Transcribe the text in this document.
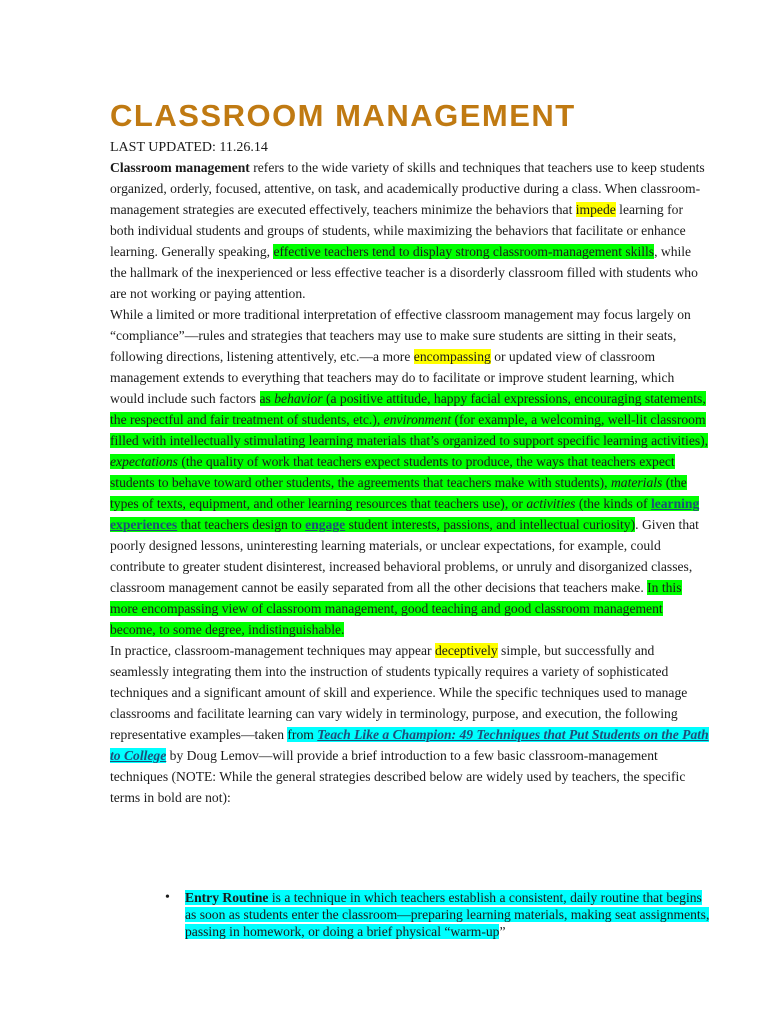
CLASSROOM MANAGEMENT
LAST UPDATED: 11.26.14

Classroom management refers to the wide variety of skills and techniques that teachers use to keep students organized, orderly, focused, attentive, on task, and academically productive during a class. When classroom-management strategies are executed effectively, teachers minimize the behaviors that impede learning for both individual students and groups of students, while maximizing the behaviors that facilitate or enhance learning. Generally speaking, effective teachers tend to display strong classroom-management skills, while the hallmark of the inexperienced or less effective teacher is a disorderly classroom filled with students who are not working or paying attention.

While a limited or more traditional interpretation of effective classroom management may focus largely on “compliance”—rules and strategies that teachers may use to make sure students are sitting in their seats, following directions, listening attentively, etc.—a more encompassing or updated view of classroom management extends to everything that teachers may do to facilitate or improve student learning, which would include such factors as behavior (a positive attitude, happy facial expressions, encouraging statements, the respectful and fair treatment of students, etc.), environment (for example, a welcoming, well-lit classroom filled with intellectually stimulating learning materials that’s organized to support specific learning activities), expectations (the quality of work that teachers expect students to produce, the ways that teachers expect students to behave toward other students, the agreements that teachers make with students), materials (the types of texts, equipment, and other learning resources that teachers use), or activities (the kinds of learning experiences that teachers design to engage student interests, passions, and intellectual curiosity). Given that poorly designed lessons, uninteresting learning materials, or unclear expectations, for example, could contribute to greater student disinterest, increased behavioral problems, or unruly and disorganized classes, classroom management cannot be easily separated from all the other decisions that teachers make. In this more encompassing view of classroom management, good teaching and good classroom management become, to some degree, indistinguishable.

In practice, classroom-management techniques may appear deceptively simple, but successfully and seamlessly integrating them into the instruction of students typically requires a variety of sophisticated techniques and a significant amount of skill and experience. While the specific techniques used to manage classrooms and facilitate learning can vary widely in terminology, purpose, and execution, the following representative examples—taken from Teach Like a Champion: 49 Techniques that Put Students on the Path to College by Doug Lemov—will provide a brief introduction to a few basic classroom-management techniques (NOTE: While the general strategies described below are widely used by teachers, the specific terms in bold are not):

• Entry Routine is a technique in which teachers establish a consistent, daily routine that begins as soon as students enter the classroom—preparing learning materials, making seat assignments, passing in homework, or doing a brief physical “warm-up”
